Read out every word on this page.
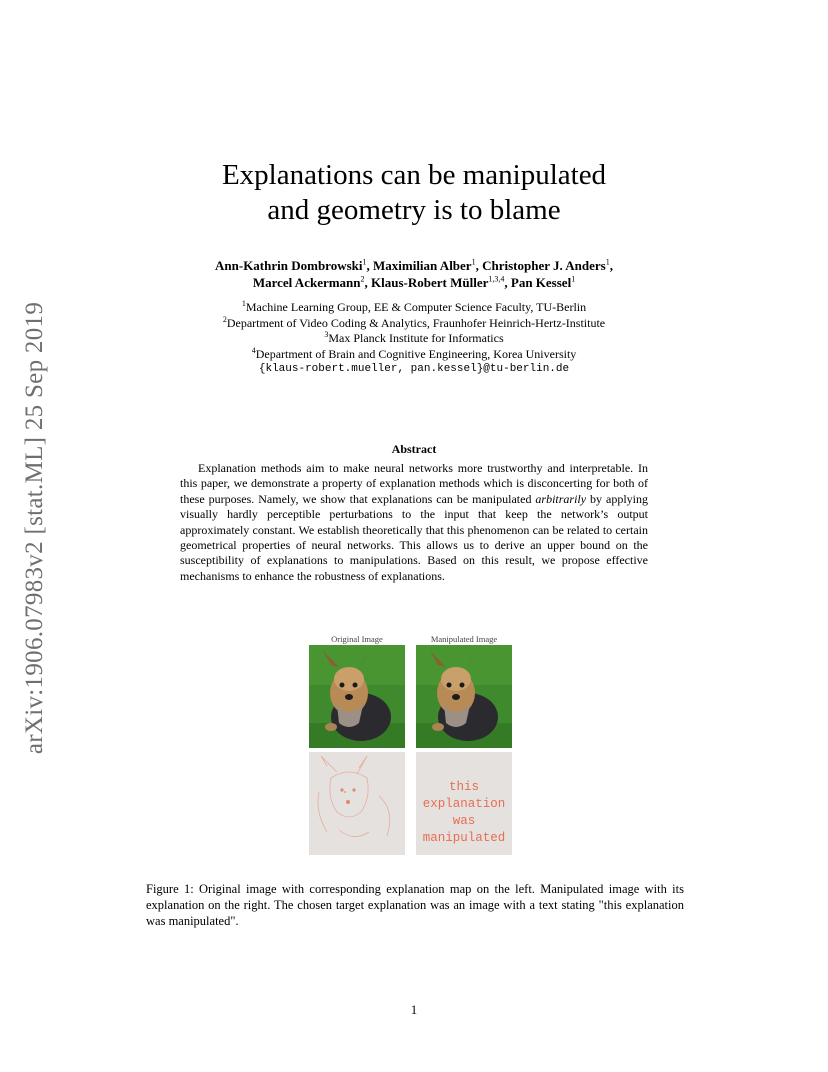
arXiv:1906.07983v2 [stat.ML] 25 Sep 2019
Explanations can be manipulated
and geometry is to blame
Ann-Kathrin Dombrowski$^1$, Maximilian Alber$^1$, Christopher J. Anders$^1$,
Marcel Ackermann$^2$, Klaus-Robert Müller$^{1,3,4}$, Pan Kessel$^1$
$^1$Machine Learning Group, EE & Computer Science Faculty, TU-Berlin
$^2$Department of Video Coding & Analytics, Fraunhofer Heinrich-Hertz-Institute
$^3$Max Planck Institute for Informatics
$^4$Department of Brain and Cognitive Engineering, Korea University
{klaus-robert.mueller, pan.kessel}@tu-berlin.de
Abstract

Explanation methods aim to make neural networks more trustworthy and interpretable. In this paper, we demonstrate a property of explanation methods which is disconcerting for both of these purposes. Namely, we show that explanations can be manipulated arbitrarily by applying visually hardly perceptible perturbations to the input that keep the network’s output approximately constant. We establish theoretically that this phenomenon can be related to certain geometrical properties of neural networks. This allows us to derive an upper bound on the susceptibility of explanations to manipulations. Based on this result, we propose effective mechanisms to enhance the robustness of explanations.

Original Image	Manipulated Image
this
explanation
was
manipulated
Figure 1: Original image with corresponding explanation map on the left. Manipulated image with its explanation on the right. The chosen target explanation was an image with a text stating "this explanation was manipulated".
1
